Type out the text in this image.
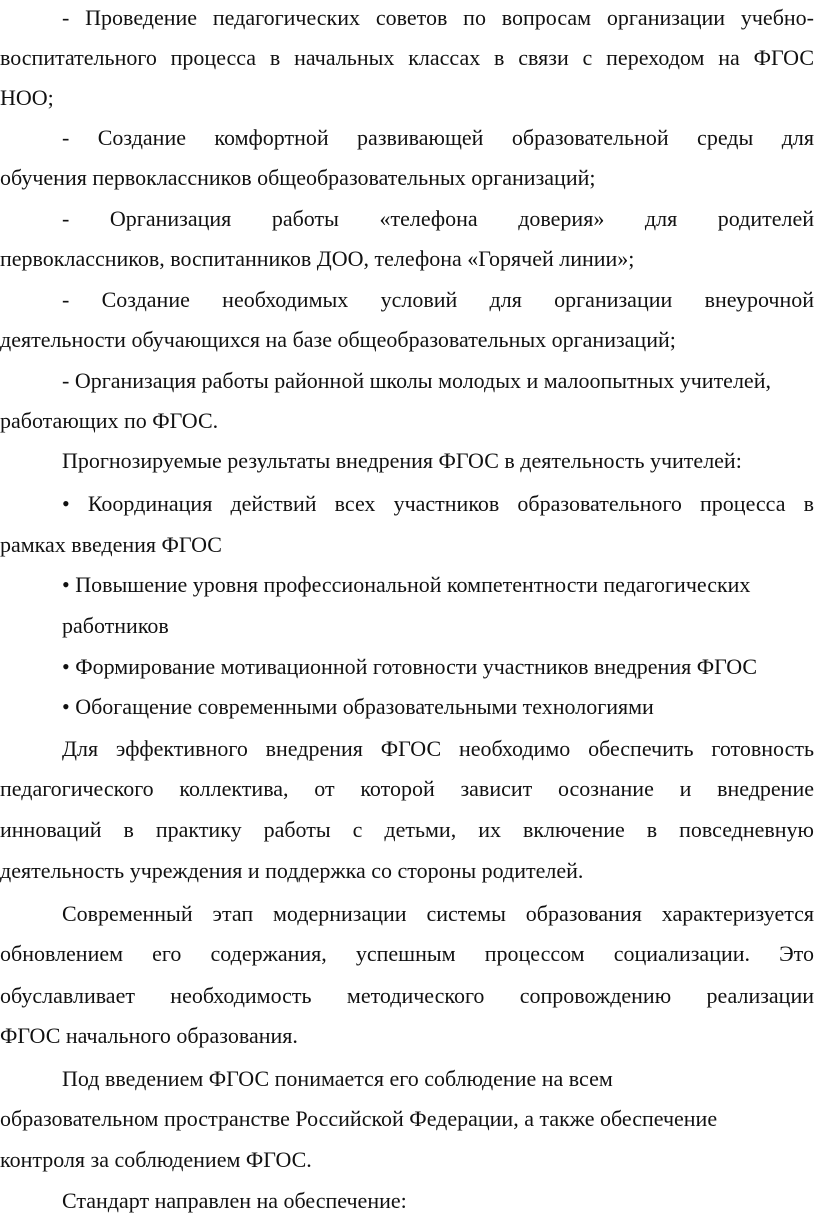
- Проведение педагогических советов по вопросам организации учебно-
воспитательного процесса в начальных классах в связи с переходом на ФГОС
НОО;
- Создание комфортной развивающей образовательной среды для
обучения первоклассников общеобразовательных организаций;
- Организация работы «телефона доверия» для родителей
первоклассников, воспитанников ДОО, телефона «Горячей линии»;
- Создание необходимых условий для организации внеурочной
деятельности обучающихся на базе общеобразовательных организаций;
- Организация работы районной школы молодых и малоопытных учителей,
работающих по ФГОС.
Прогнозируемые результаты внедрения ФГОС в деятельность учителей:
• Координация действий всех участников образовательного процесса в
рамках введения ФГОС
• Повышение уровня профессиональной компетентности педагогических
работников
• Формирование мотивационной готовности участников внедрения ФГОС
• Обогащение современными образовательными технологиями
Для эффективного внедрения ФГОС необходимо обеспечить готовность
педагогического коллектива, от которой зависит осознание и внедрение
инноваций в практику работы с детьми, их включение в повседневную
деятельность учреждения и поддержка со стороны родителей.
Современный этап модернизации системы образования характеризуется
обновлением его содержания, успешным процессом социализации. Это
обуславливает необходимость методического сопровождению реализации
ФГОС начального образования.
Под введением ФГОС понимается его соблюдение на всем
образовательном пространстве Российской Федерации, а также обеспечение
контроля за соблюдением ФГОС.
Стандарт направлен на обеспечение:
